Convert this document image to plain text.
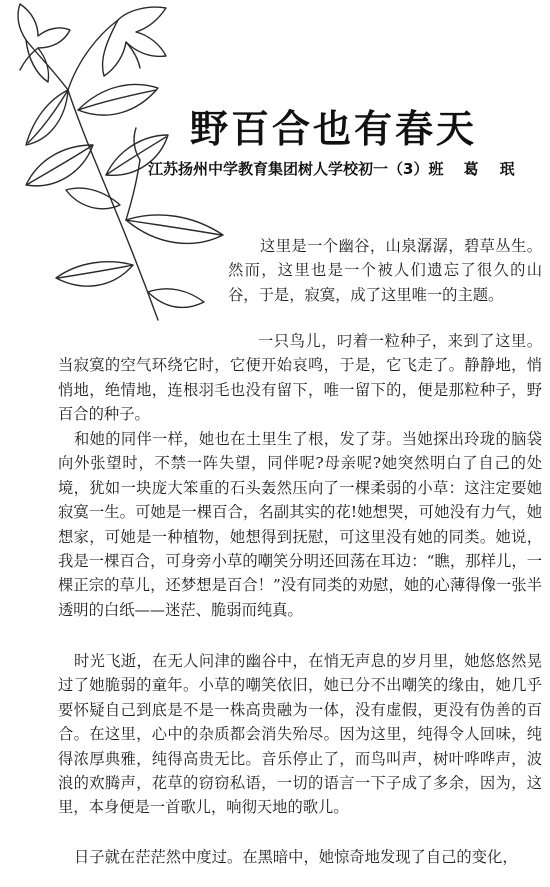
野百合也有春天

江苏扬州中学教育集团树人学校初一（3）班 葛 珉

这里是一个幽谷，山泉潺潺，碧草丛生。然而，这里也是一个被人们遗忘了很久的山谷，于是，寂寞，成了这里唯一的主题。

一只鸟儿，叼着一粒种子，来到了这里。当寂寞的空气环绕它时，它便开始哀鸣，于是，它飞走了。静静地，悄悄地，绝情地，连根羽毛也没有留下，唯一留下的，便是那粒种子，野百合的种子。

和她的同伴一样，她也在土里生了根，发了芽。当她探出玲珑的脑袋向外张望时，不禁一阵失望，同伴呢?母亲呢?她突然明白了自己的处境，犹如一块庞大笨重的石头轰然压向了一棵柔弱的小草：这注定要她寂寞一生。可她是一棵百合，名副其实的花!她想哭，可她没有力气，她想家，可她是一种植物，她想得到抚慰，可这里没有她的同类。她说，我是一棵百合，可身旁小草的嘲笑分明还回荡在耳边：“瞧，那样儿，一棵正宗的草儿，还梦想是百合！”没有同类的劝慰，她的心薄得像一张半透明的白纸——迷茫、脆弱而纯真。

时光飞逝，在无人问津的幽谷中，在悄无声息的岁月里，她悠悠然晃过了她脆弱的童年。小草的嘲笑依旧，她已分不出嘲笑的缘由，她几乎要怀疑自己到底是不是一株高贵融为一体，没有虚假，更没有伪善的百合。在这里，心中的杂质都会消失殆尽。因为这里，纯得令人回味，纯得浓厚典雅，纯得高贵无比。音乐停止了，而鸟叫声，树叶哗哗声，波浪的欢腾声，花草的窃窃私语，一切的语言一下子成了多余，因为，这里，本身便是一首歌儿，响彻天地的歌儿。

日子就在茫茫然中度过。在黑暗中，她惊奇地发现了自己的变化，
